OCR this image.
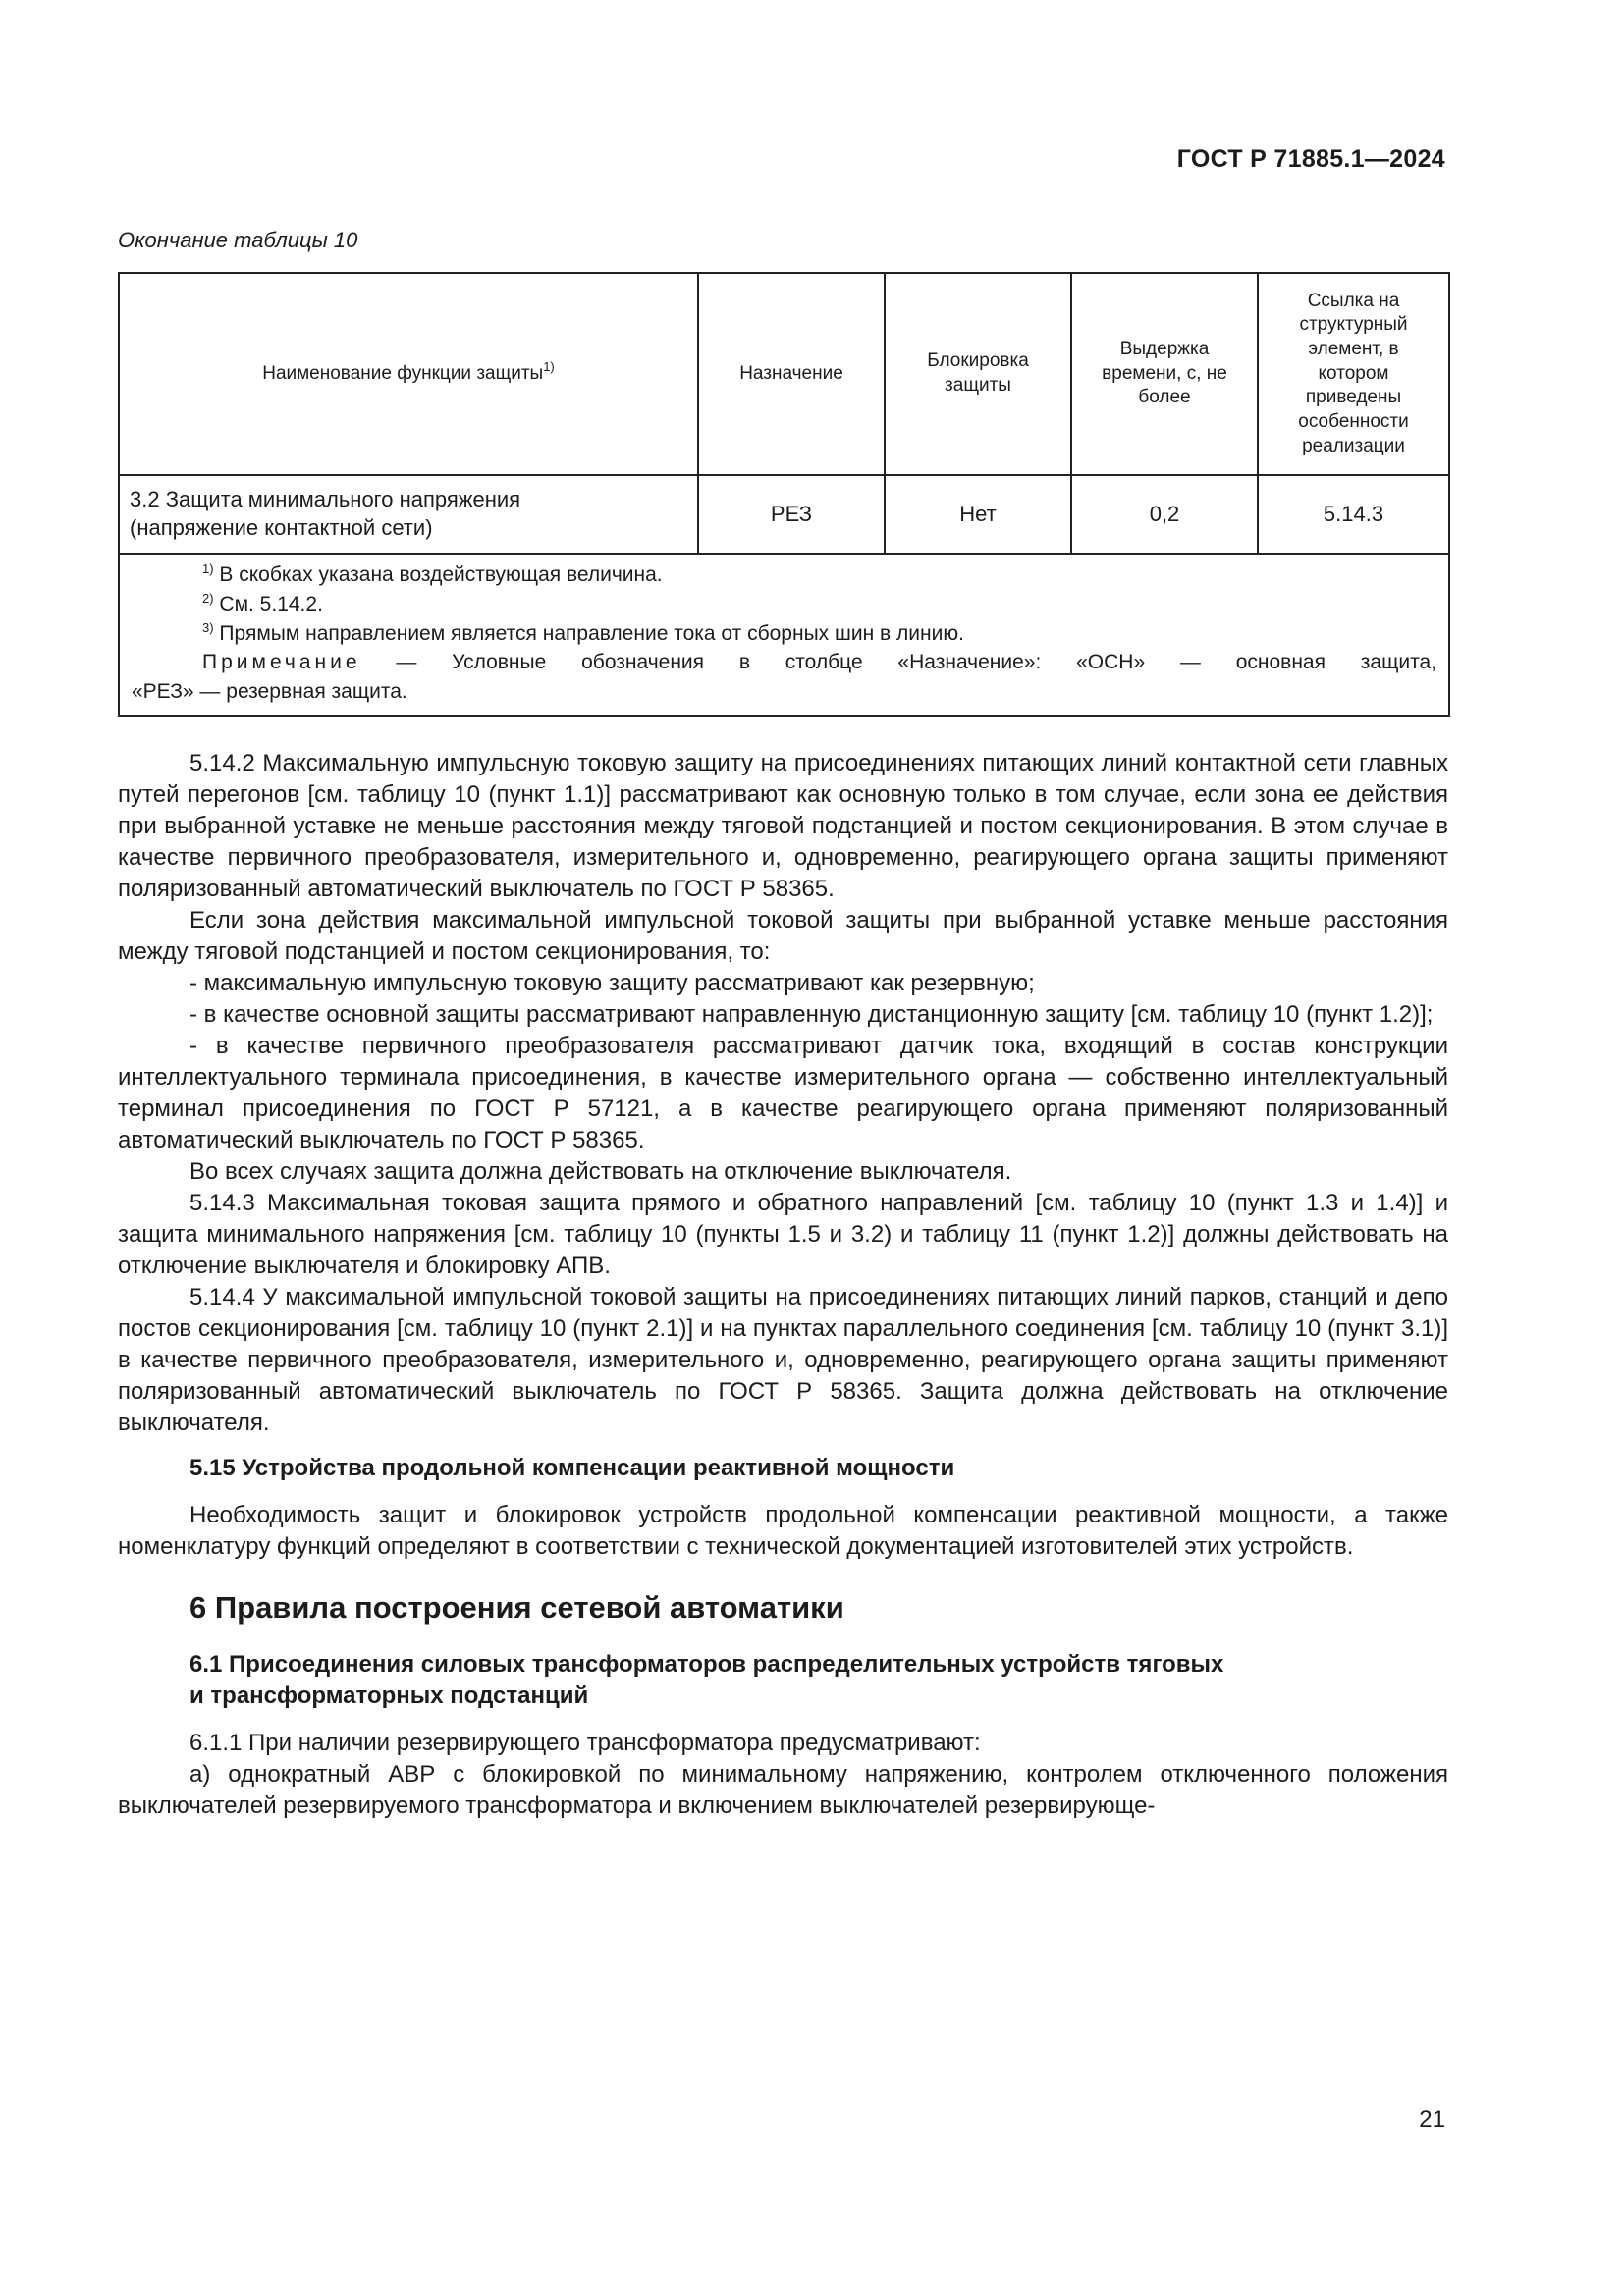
ГОСТ Р 71885.1—2024
Окончание таблицы 10
Наименование функции защиты$^{1)}$	Назначение	Блокировка защиты	Выдержка времени, с, не более	Ссылка на структурный элемент, в котором приведены особенности реализации

3.2 Защита минимального напряжения
(напряжение контактной сети)	РЕЗ	Нет	0,2	5.14.3

$^{1)}$ В скобках указана воздействующая величина.
$^{2)}$ См. 5.14.2.
$^{3)}$ Прямым направлением является направление тока от сборных шин в линию.
Примечание — Условные обозначения в столбце «Назначение»: «ОСН» — основная защита,
«РЕЗ» — резервная защита.				

5.14.2 Максимальную импульсную токовую защиту на присоединениях питающих линий контактной сети главных путей перегонов [см. таблицу 10 (пункт 1.1)] рассматривают как основную только в том случае, если зона ее действия при выбранной уставке не меньше расстояния между тяговой подстанцией и постом секционирования. В этом случае в качестве первичного преобразователя, измерительного и, одновременно, реагирующего органа защиты применяют поляризованный автоматический выключатель по ГОСТ Р 58365.

Если зона действия максимальной импульсной токовой защиты при выбранной уставке меньше расстояния между тяговой подстанцией и постом секционирования, то:

- максимальную импульсную токовую защиту рассматривают как резервную;

- в качестве основной защиты рассматривают направленную дистанционную защиту [см. таблицу 10 (пункт 1.2)];

- в качестве первичного преобразователя рассматривают датчик тока, входящий в состав конструкции интеллектуального терминала присоединения, в качестве измерительного органа — собственно интеллектуальный терминал присоединения по ГОСТ Р 57121, а в качестве реагирующего органа применяют поляризованный автоматический выключатель по ГОСТ Р 58365.

Во всех случаях защита должна действовать на отключение выключателя.

5.14.3 Максимальная токовая защита прямого и обратного направлений [см. таблицу 10 (пункт 1.3 и 1.4)] и защита минимального напряжения [см. таблицу 10 (пункты 1.5 и 3.2) и таблицу 11 (пункт 1.2)] должны действовать на отключение выключателя и блокировку АПВ.

5.14.4 У максимальной импульсной токовой защиты на присоединениях питающих линий парков, станций и депо постов секционирования [см. таблицу 10 (пункт 2.1)] и на пунктах параллельного соединения [см. таблицу 10 (пункт 3.1)] в качестве первичного преобразователя, измерительного и, одновременно, реагирующего органа защиты применяют поляризованный автоматический выключатель по ГОСТ Р 58365. Защита должна действовать на отключение выключателя.

5.15 Устройства продольной компенсации реактивной мощности

Необходимость защит и блокировок устройств продольной компенсации реактивной мощности, а также номенклатуру функций определяют в соответствии с технической документацией изготовителей этих устройств.

6 Правила построения сетевой автоматики
6.1 Присоединения силовых трансформаторов распределительных устройств тяговых
и трансформаторных подстанций

6.1.1 При наличии резервирующего трансформатора предусматривают:

а) однократный АВР с блокировкой по минимальному напряжению, контролем отключенного положения выключателей резервируемого трансформатора и включением выключателей резервирующе-

21
